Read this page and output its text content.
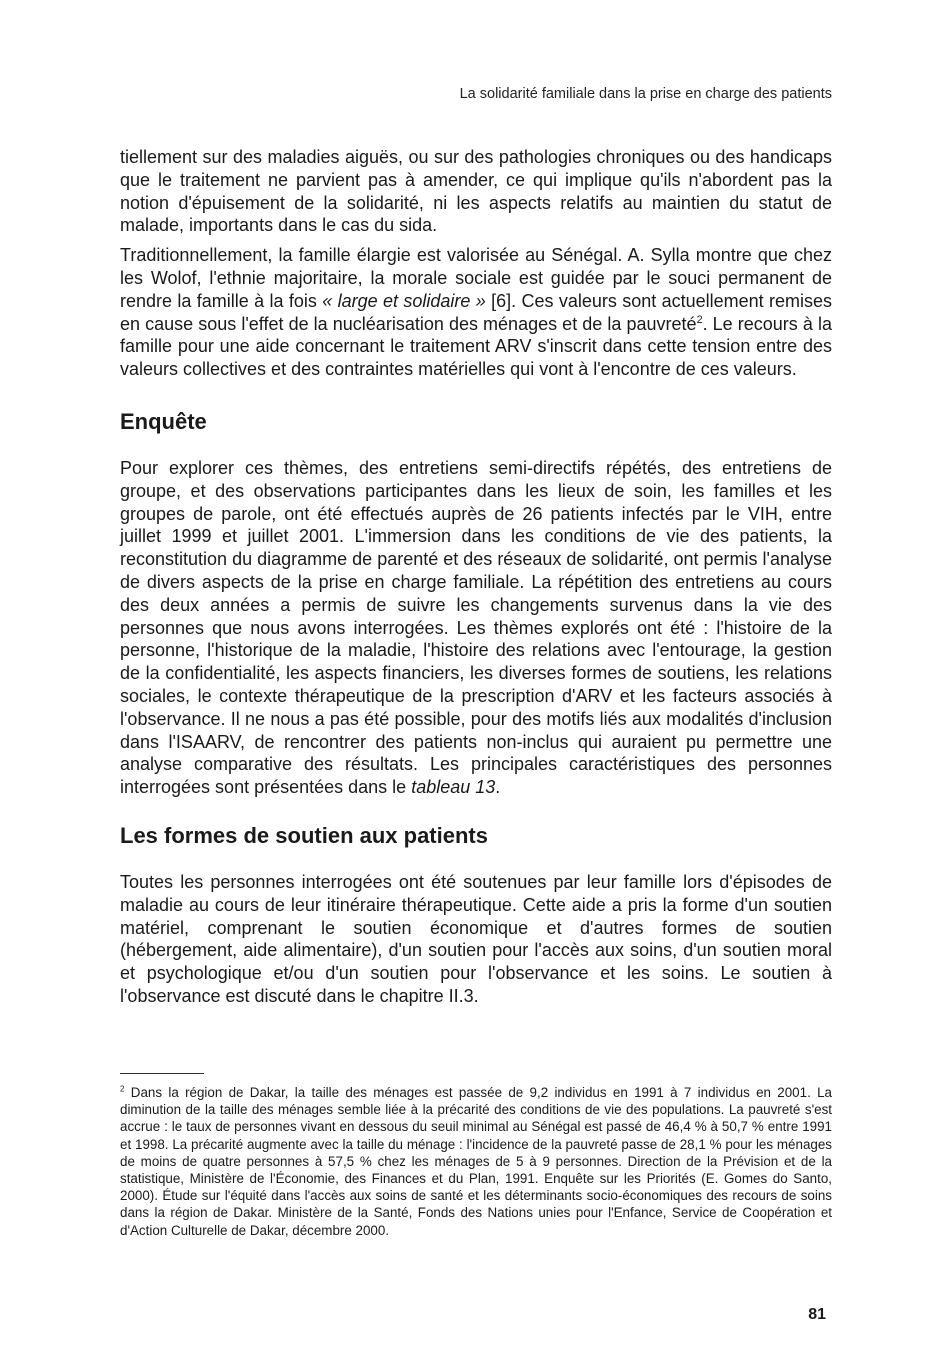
La solidarité familiale dans la prise en charge des patients

tiellement sur des maladies aiguës, ou sur des pathologies chroniques ou des handicaps que le traitement ne parvient pas à amender, ce qui implique qu'ils n'abordent pas la notion d'épuisement de la solidarité, ni les aspects relatifs au maintien du statut de malade, importants dans le cas du sida.

Traditionnellement, la famille élargie est valorisée au Sénégal. A. Sylla montre que chez les Wolof, l'ethnie majoritaire, la morale sociale est guidée par le souci permanent de rendre la famille à la fois « large et solidaire » [6]. Ces valeurs sont actuellement remises en cause sous l'effet de la nucléarisation des ménages et de la pauvreté$^2$. Le recours à la famille pour une aide concernant le traitement ARV s'inscrit dans cette tension entre des valeurs collectives et des contraintes matérielles qui vont à l'encontre de ces valeurs.

Enquête

Pour explorer ces thèmes, des entretiens semi-directifs répétés, des entretiens de groupe, et des observations participantes dans les lieux de soin, les familles et les groupes de parole, ont été effectués auprès de 26 patients infectés par le VIH, entre juillet 1999 et juillet 2001. L'immersion dans les conditions de vie des patients, la reconstitution du diagramme de parenté et des réseaux de solidarité, ont permis l'analyse de divers aspects de la prise en charge familiale. La répétition des entretiens au cours des deux années a permis de suivre les changements survenus dans la vie des personnes que nous avons interrogées. Les thèmes explorés ont été : l'histoire de la personne, l'historique de la maladie, l'histoire des relations avec l'entourage, la gestion de la confidentialité, les aspects financiers, les diverses formes de soutiens, les relations sociales, le contexte thérapeutique de la prescription d'ARV et les facteurs associés à l'observance. Il ne nous a pas été possible, pour des motifs liés aux modalités d'inclusion dans l'ISAARV, de rencontrer des patients non-inclus qui auraient pu permettre une analyse comparative des résultats. Les principales caractéristiques des personnes interrogées sont présentées dans le tableau 13.

Les formes de soutien aux patients

Toutes les personnes interrogées ont été soutenues par leur famille lors d'épisodes de maladie au cours de leur itinéraire thérapeutique. Cette aide a pris la forme d'un soutien matériel, comprenant le soutien économique et d'autres formes de soutien (hébergement, aide alimentaire), d'un soutien pour l'accès aux soins, d'un soutien moral et psychologique et/ou d'un soutien pour l'observance et les soins. Le soutien à l'observance est discuté dans le chapitre II.3.

$^2$ Dans la région de Dakar, la taille des ménages est passée de 9,2 individus en 1991 à 7 individus en 2001. La diminution de la taille des ménages semble liée à la précarité des conditions de vie des populations. La pauvreté s'est accrue : le taux de personnes vivant en dessous du seuil minimal au Sénégal est passé de 46,4 % à 50,7 % entre 1991 et 1998. La précarité augmente avec la taille du ménage : l'incidence de la pauvreté passe de 28,1 % pour les ménages de moins de quatre personnes à 57,5 % chez les ménages de 5 à 9 personnes. Direction de la Prévision et de la statistique, Ministère de l'Économie, des Finances et du Plan, 1991. Enquête sur les Priorités (E. Gomes do Santo, 2000). Étude sur l'équité dans l'accès aux soins de santé et les déterminants socio-économiques des recours de soins dans la région de Dakar. Ministère de la Santé, Fonds des Nations unies pour l'Enfance, Service de Coopération et d'Action Culturelle de Dakar, décembre 2000.
81
